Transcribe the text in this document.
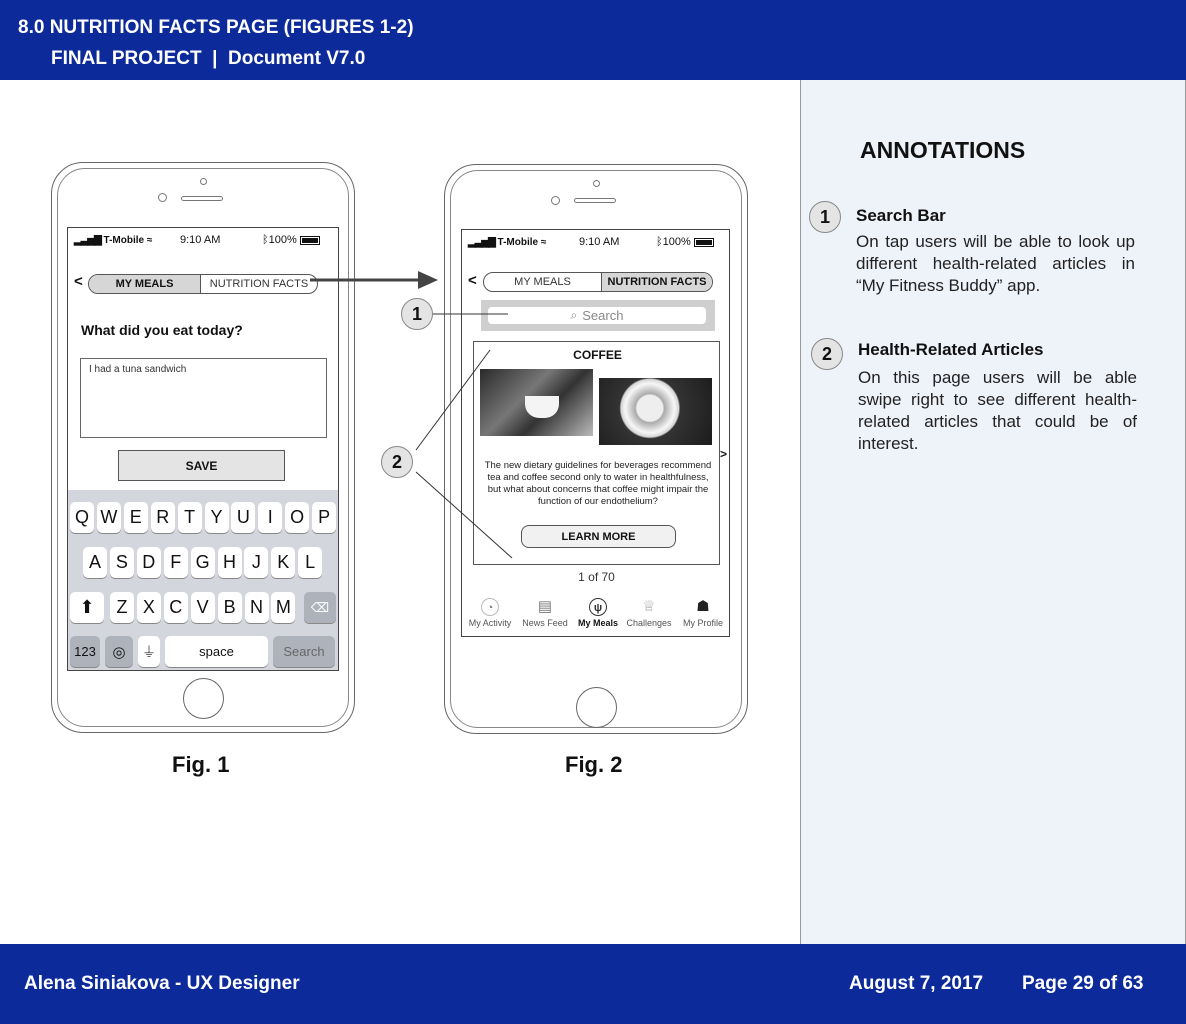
8.0 NUTRITION FACTS PAGE (FIGURES 1-2)
FINAL PROJECT  |  Document V7.0
ANNOTATIONS
1	Search Bar
On tap users will be able to look up different health-related articles in “My Fitness Buddy” app.
2	Health-Related Articles
On this page users will be able swipe right to see different health-related articles that could be of interest.
▂▃▅▇ T-Mobile ≈	9:10 AM	ᛒ100%
<	MY MEALS	NUTRITION FACTS
What did you eat today?
I had a tuna sandwich
SAVE
Q W E R T Y U I O P
A S D F G H J K L
⬆	Z X C V B N M	⌫
123 ◎ ⏚	space	Search
Fig. 1
▂▃▅▇ T-Mobile ≈	9:10 AM	ᛒ100%
<	MY MEALS	NUTRITION FACTS
⌕ Search
COFFEE
The new dietary guidelines for beverages recommend tea and coffee second only to water in healthfulness, but what about concerns that coffee might impair the function of our endothelium?
LEARN MORE
>
1 of 70
◔
My Activity
▤
News Feed
ψ
My Meals
♕
Challenges
☗
My Profile
Fig. 2
1
2
Alena Siniakova - UX Designer	August 7, 2017 Page 29 of 63
